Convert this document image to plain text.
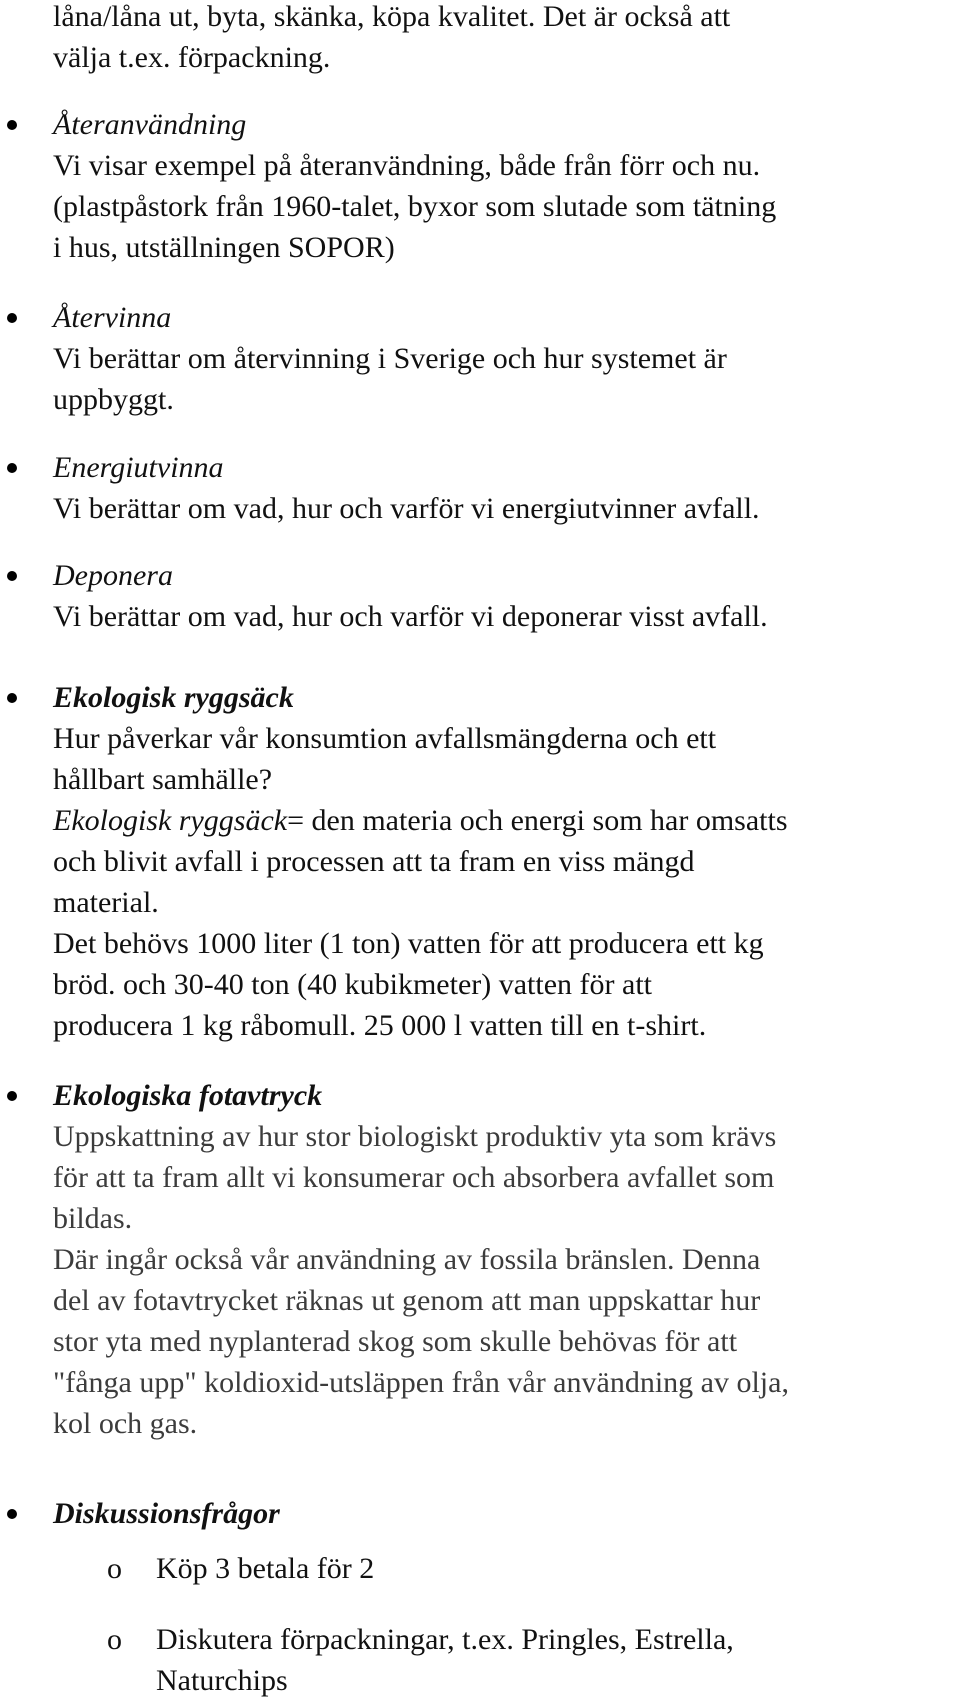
låna/låna ut, byta, skänka, köpa kvalitet. Det är också att
välja t.ex. förpackning.
Återanvändning
Vi visar exempel på återanvändning, både från förr och nu.
(plastpåstork från 1960-talet, byxor som slutade som tätning
i hus, utställningen SOPOR)
Återvinna
Vi berättar om återvinning i Sverige och hur systemet är
uppbyggt.
Energiutvinna
Vi berättar om vad, hur och varför vi energiutvinner avfall.
Deponera
Vi berättar om vad, hur och varför vi deponerar visst avfall.
Ekologisk ryggsäck
Hur påverkar vår konsumtion avfallsmängderna och ett
hållbart samhälle?
Ekologisk ryggsäck= den materia och energi som har omsatts
och blivit avfall i processen att ta fram en viss mängd
material.
Det behövs 1000 liter (1 ton) vatten för att producera ett kg
bröd. och 30-40 ton (40 kubikmeter) vatten för att
producera 1 kg råbomull. 25 000 l vatten till en t-shirt.
Ekologiska fotavtryck
Uppskattning av hur stor biologiskt produktiv yta som krävs
för att ta fram allt vi konsumerar och absorbera avfallet som
bildas.
Där ingår också vår användning av fossila bränslen. Denna
del av fotavtrycket räknas ut genom att man uppskattar hur
stor yta med nyplanterad skog som skulle behövas för att
"fånga upp" koldioxid-utsläppen från vår användning av olja,
kol och gas.
Diskussionsfrågor
o Köp 3 betala för 2
o Diskutera förpackningar, t.ex. Pringles, Estrella,
Naturchips
